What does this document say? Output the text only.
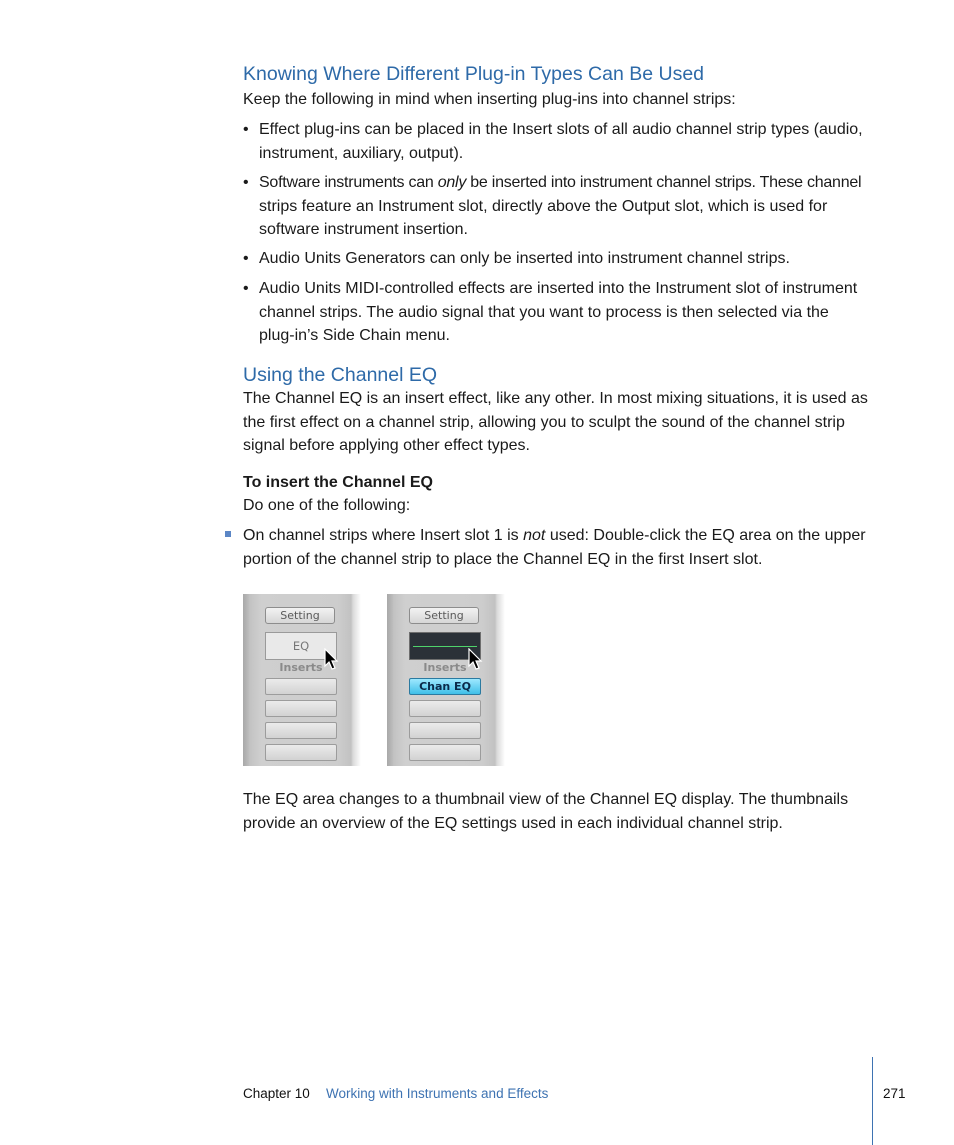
Knowing Where Different Plug-in Types Can Be Used

Keep the following in mind when inserting plug-ins into channel strips:

• Effect plug-ins can be placed in the Insert slots of all audio channel strip types (audio,
instrument, auxiliary, output).
• Software instruments can only be inserted into instrument channel strips. These channel
strips feature an Instrument slot, directly above the Output slot, which is used for
software instrument insertion.
• Audio Units Generators can only be inserted into instrument channel strips.
• Audio Units MIDI-controlled effects are inserted into the Instrument slot of instrument
channel strips. The audio signal that you want to process is then selected via the
plug-in’s Side Chain menu.
Using the Channel EQ

The Channel EQ is an insert effect, like any other. In most mixing situations, it is used as

the first effect on a channel strip, allowing you to sculpt the sound of the channel strip

signal before applying other effect types.

To insert the Channel EQ

Do one of the following:

On channel strips where Insert slot 1 is not used: Double-click the EQ area on the upper

portion of the channel strip to place the Channel EQ in the first Insert slot.

Setting
EQ
Inserts
Setting
Inserts
Chan EQ

The EQ area changes to a thumbnail view of the Channel EQ display. The thumbnails

provide an overview of the EQ settings used in each individual channel strip.

Chapter 10 Working with Instruments and Effects	271
